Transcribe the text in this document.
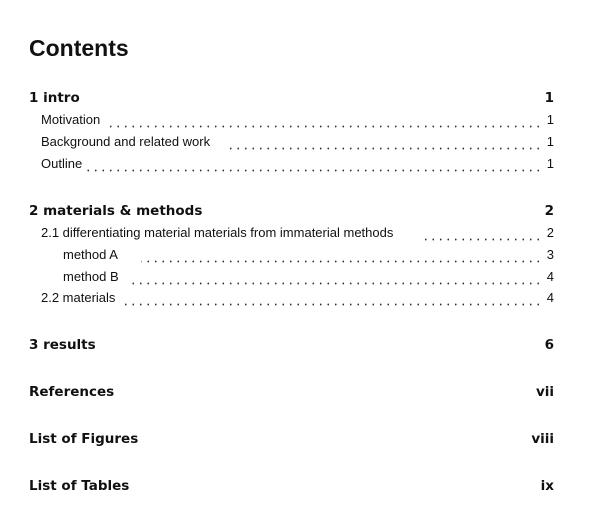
Contents
1 intro	1
Motivation	1
Background and related work	1
Outline	1
2 materials & methods	2
2.1 differentiating material materials from immaterial methods	2
method A	3
method B	4
2.2 materials	4
3 results	6
References	vii
List of Figures	viii
List of Tables	ix
